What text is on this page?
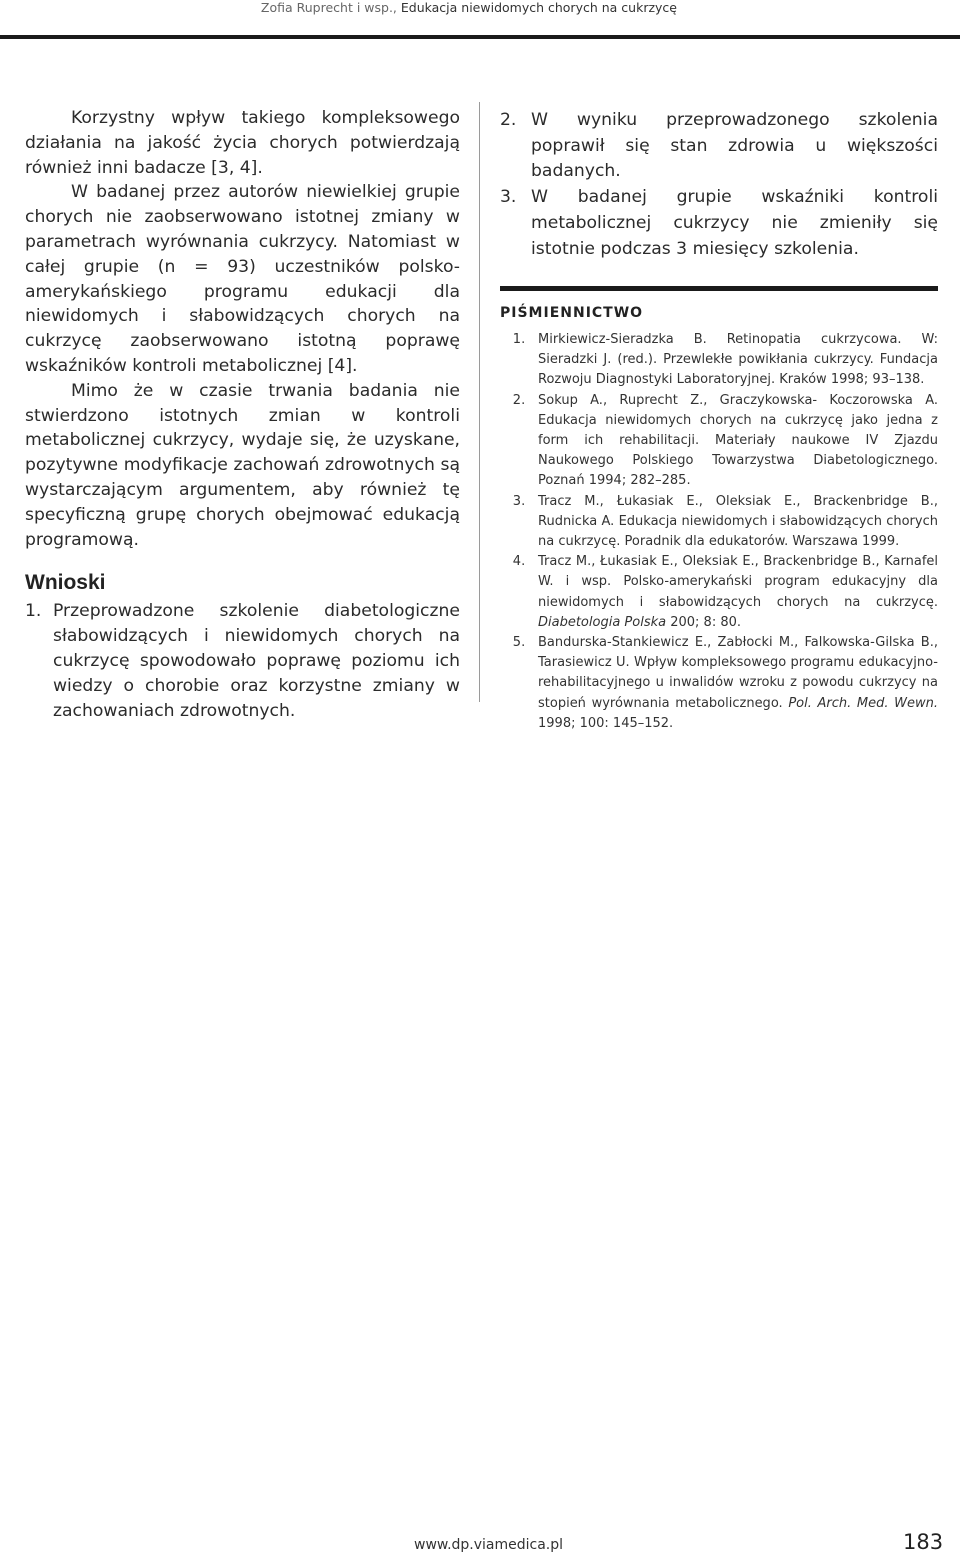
Zofia Ruprecht i wsp., Edukacja niewidomych chorych na cukrzycę

Korzystny wpływ takiego kompleksowego działania na jakość życia chorych potwierdzają również inni badacze [3, 4].

W badanej przez autorów niewielkiej grupie chorych nie zaobserwowano istotnej zmiany w parametrach wyrównania cukrzycy. Natomiast w całej grupie (n = 93) uczestników polsko-amerykańskiego programu edukacji dla niewidomych i słabowidzących chorych na cukrzycę zaobserwowano istotną poprawę wskaźników kontroli metabolicznej [4].

Mimo że w czasie trwania badania nie stwierdzono istotnych zmian w kontroli metabolicznej cukrzycy, wydaje się, że uzyskane, pozytywne modyfikacje zachowań zdrowotnych są wystarczającym argumentem, aby również tę specyficzną grupę chorych obejmować edukacją programową.

Wnioski
1. Przeprowadzone szkolenie diabetologiczne słabowidzących i niewidomych chorych na cukrzycę spowodowało poprawę poziomu ich wiedzy o chorobie oraz korzystne zmiany w zachowaniach zdrowotnych.
2. W wyniku przeprowadzonego szkolenia poprawił się stan zdrowia u większości badanych.
3. W badanej grupie wskaźniki kontroli metabolicznej cukrzycy nie zmieniły się istotnie podczas 3 miesięcy szkolenia.
PIŚMIENNICTWO
1. Mirkiewicz-Sieradzka B. Retinopatia cukrzycowa. W: Sieradzki J. (red.). Przewlekłe powikłania cukrzycy. Fundacja Rozwoju Diagnostyki Laboratoryjnej. Kraków 1998; 93–138.
2. Sokup A., Ruprecht Z., Graczykowska- Koczorowska A. Edukacja niewidomych chorych na cukrzycę jako jedna z form ich rehabilitacji. Materiały naukowe IV Zjazdu Naukowego Polskiego Towarzystwa Diabetologicznego. Poznań 1994; 282–285.
3. Tracz M., Łukasiak E., Oleksiak E., Brackenbridge B., Rudnicka A. Edukacja niewidomych i słabowidzących chorych na cukrzycę. Poradnik dla edukatorów. Warszawa 1999.
4. Tracz M., Łukasiak E., Oleksiak E., Brackenbridge B., Karnafel W. i wsp. Polsko-amerykański program edukacyjny dla niewidomych i słabowidzących chorych na cukrzycę. Diabetologia Polska 200; 8: 80.
5. Bandurska-Stankiewicz E., Zabłocki M., Falkowska-Gilska B., Tarasiewicz U. Wpływ kompleksowego programu edukacyjno-rehabilitacyjnego u inwalidów wzroku z powodu cukrzycy na stopień wyrównania metabolicznego. Pol. Arch. Med. Wewn. 1998; 100: 145–152.
www.dp.viamedica.pl	183
